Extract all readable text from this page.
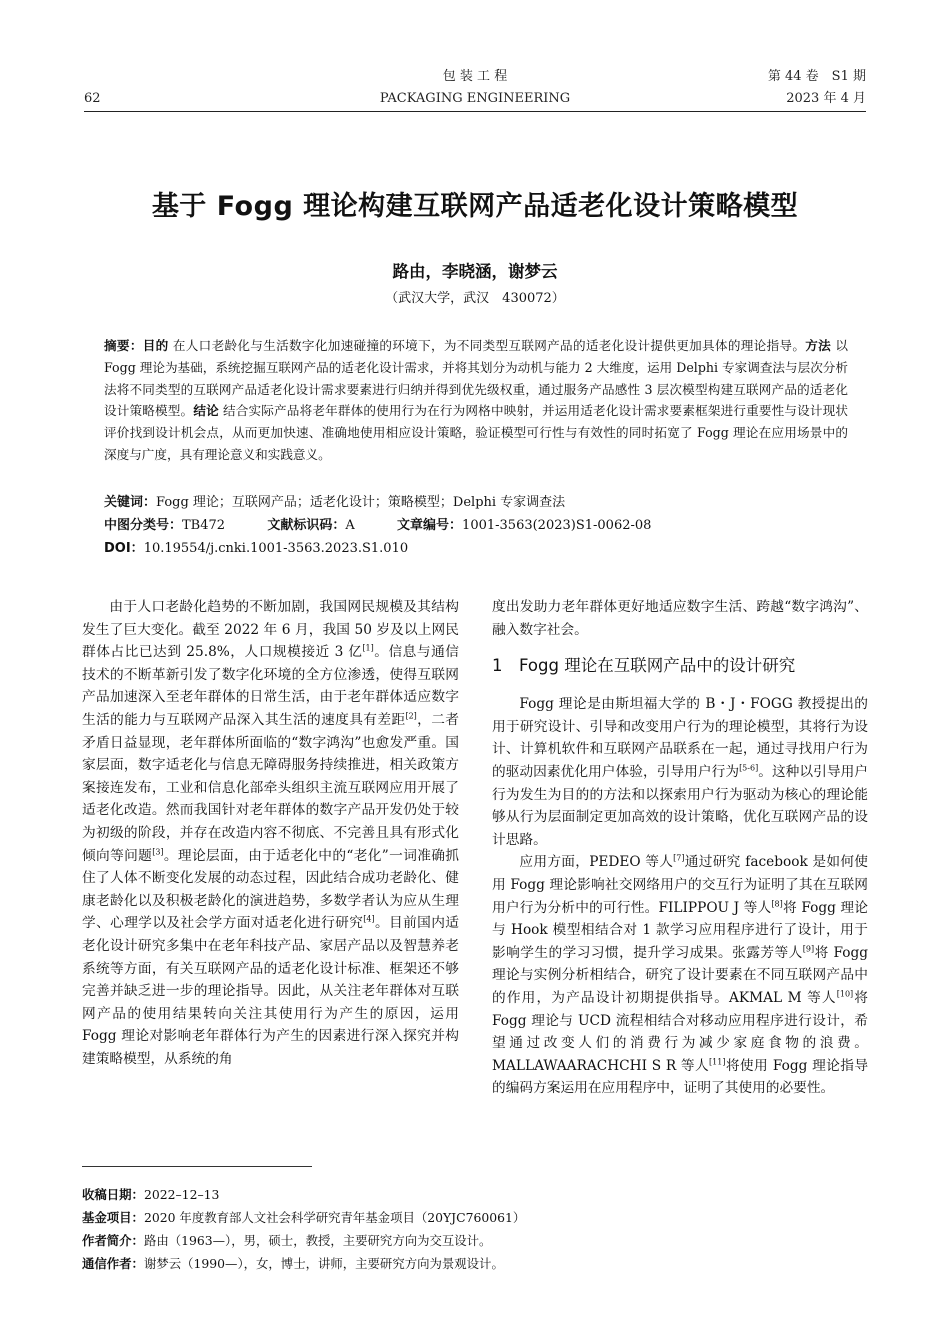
包 装 工 程
PACKAGING ENGINEERING
62
第 44 卷　S1 期
2023 年 4 月
基于 Fogg 理论构建互联网产品适老化设计策略模型
路由，李晓涵，谢梦云
（武汉大学，武汉　430072）
摘要：目的 在人口老龄化与生活数字化加速碰撞的环境下，为不同类型互联网产品的适老化设计提供更加具体的理论指导。方法 以 Fogg 理论为基础，系统挖掘互联网产品的适老化设计需求，并将其划分为动机与能力 2 大维度，运用 Delphi 专家调查法与层次分析法将不同类型的互联网产品适老化设计需求要素进行归纳并得到优先级权重，通过服务产品感性 3 层次模型构建互联网产品的适老化设计策略模型。结论 结合实际产品将老年群体的使用行为在行为网格中映射，并运用适老化设计需求要素框架进行重要性与设计现状评价找到设计机会点，从而更加快速、准确地使用相应设计策略，验证模型可行性与有效性的同时拓宽了 Fogg 理论在应用场景中的深度与广度，具有理论意义和实践意义。
关键词：Fogg 理论；互联网产品；适老化设计；策略模型；Delphi 专家调查法
中图分类号：TB472	文献标识码：A	文章编号：1001-3563(2023)S1-0062-08
DOI：10.19554/j.cnki.1001-3563.2023.S1.010

由于人口老龄化趋势的不断加剧，我国网民规模及其结构发生了巨大变化。截至 2022 年 6 月，我国 50 岁及以上网民群体占比已达到 25.8%，人口规模接近 3 亿[1]。信息与通信技术的不断革新引发了数字化环境的全方位渗透，使得互联网产品加速深入至老年群体的日常生活，由于老年群体适应数字生活的能力与互联网产品深入其生活的速度具有差距[2]，二者矛盾日益显现，老年群体所面临的“数字鸿沟”也愈发严重。国家层面，数字适老化与信息无障碍服务持续推进，相关政策方案接连发布，工业和信息化部牵头组织主流互联网应用开展了适老化改造。然而我国针对老年群体的数字产品开发仍处于较为初级的阶段，并存在改造内容不彻底、不完善且具有形式化倾向等问题[3]。理论层面，由于适老化中的“老化”一词准确抓住了人体不断变化发展的动态过程，因此结合成功老龄化、健康老龄化以及积极老龄化的演进趋势，多数学者认为应从生理学、心理学以及社会学方面对适老化进行研究[4]。目前国内适老化设计研究多集中在老年科技产品、家居产品以及智慧养老系统等方面，有关互联网产品的适老化设计标准、框架还不够完善并缺乏进一步的理论指导。因此，从关注老年群体对互联网产品的使用结果转向关注其使用行为产生的原因，运用 Fogg 理论对影响老年群体行为产生的因素进行深入探究并构建策略模型，从系统的角

度出发助力老年群体更好地适应数字生活、跨越“数字鸿沟”、融入数字社会。

1　Fogg 理论在互联网产品中的设计研究

Fogg 理论是由斯坦福大学的 B・J・FOGG 教授提出的用于研究设计、引导和改变用户行为的理论模型，其将行为设计、计算机软件和互联网产品联系在一起，通过寻找用户行为的驱动因素优化用户体验，引导用户行为[5-6]。这种以引导用户行为发生为目的的方法和以探索用户行为驱动为核心的理论能够从行为层面制定更加高效的设计策略，优化互联网产品的设计思路。

应用方面，PEDEO 等人[7]通过研究 facebook 是如何使用 Fogg 理论影响社交网络用户的交互行为证明了其在互联网用户行为分析中的可行性。FILIPPOU J 等人[8]将 Fogg 理论与 Hook 模型相结合对 1 款学习应用程序进行了设计，用于影响学生的学习习惯，提升学习成果。张露芳等人[9]将 Fogg 理论与实例分析相结合，研究了设计要素在不同互联网产品中的作用，为产品设计初期提供指导。AKMAL M 等人[10]将 Fogg 理论与 UCD 流程相结合对移动应用程序进行设计，希望通过改变人们的消费行为减少家庭食物的浪费。MALLAWAARACHCHI S R 等人[11]将使用 Fogg 理论指导的编码方案运用在应用程序中，证明了其使用的必要性。

收稿日期：2022–12–13
基金项目：2020 年度教育部人文社会科学研究青年基金项目（20YJC760061）
作者简介：路由（1963—），男，硕士，教授，主要研究方向为交互设计。
通信作者：谢梦云（1990—），女，博士，讲师，主要研究方向为景观设计。
